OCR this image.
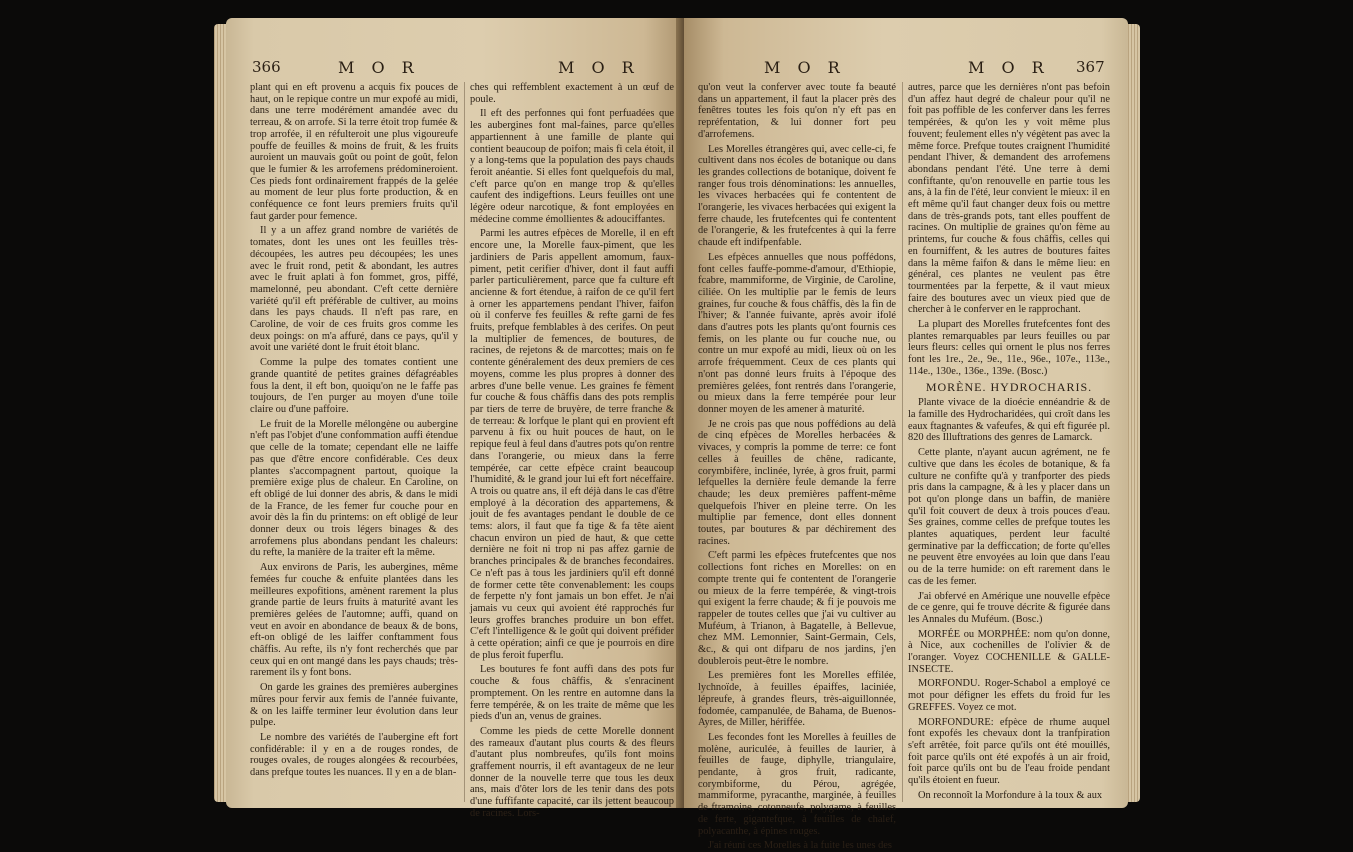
366	M O R	M O R

plant qui en eft provenu a acquis fix pouces de haut, on le repique contre un mur expofé au midi, dans une terre modérément amandée avec du terreau, & on arrofe. Si la terre étoit trop fumée & trop arrofée, il en réfulteroit une plus vigoureufe pouffe de feuilles & moins de fruit, & les fruits auroient un mauvais goût ou point de goût, felon que le fumier & les arrofemens prédomineroient. Ces pieds font ordinairement frappés de la gelée au moment de leur plus forte production, & en conféquence ce font leurs premiers fruits qu'il faut garder pour femence.

Il y a un affez grand nombre de variétés de tomates, dont les unes ont les feuilles très-découpées, les autres peu découpées; les unes avec le fruit rond, petit & abondant, les autres avec le fruit aplati à fon fommet, gros, piffé, mamelonné, peu abondant. C'eft cette dernière variété qu'il eft préférable de cultiver, au moins dans les pays chauds. Il n'eft pas rare, en Caroline, de voir de ces fruits gros comme les deux poings: on m'a affuré, dans ce pays, qu'il y avoit une variété dont le fruit étoit blanc.

Comme la pulpe des tomates contient une grande quantité de petites graines défagréables fous la dent, il eft bon, quoiqu'on ne le faffe pas toujours, de l'en purger au moyen d'une toile claire ou d'une paffoire.

Le fruit de la Morelle mélongène ou aubergine n'eft pas l'objet d'une confommation auffi étendue que celle de la tomate; cependant elle ne laiffe pas que d'être encore confidérable. Ces deux plantes s'accompagnent partout, quoique la première exige plus de chaleur. En Caroline, on eft obligé de lui donner des abris, & dans le midi de la France, de les femer fur couche pour en avoir dès la fin du printems: on eft obligé de leur donner deux ou trois légers binages & des arrofemens plus abondans pendant les chaleurs: du refte, la manière de la traiter eft la même.

Aux environs de Paris, les aubergines, même femées fur couche & enfuite plantées dans les meilleures expofitions, amènent rarement la plus grande partie de leurs fruits à maturité avant les premières gelées de l'automne; auffi, quand on veut en avoir en abondance de beaux & de bons, eft-on obligé de les laiffer conftamment fous châffis. Au refte, ils n'y font recherchés que par ceux qui en ont mangé dans les pays chauds; très-rarement ils y font bons.

On garde les graines des premières aubergines mûres pour fervir aux femis de l'année fuivante, & on les laiffe terminer leur évolution dans leur pulpe.

Le nombre des variétés de l'aubergine eft fort confidérable: il y en a de rouges rondes, de rouges ovales, de rouges alongées & recourbées, dans prefque toutes les nuances. Il y en a de blan-

ches qui reffemblent exactement à un œuf de poule.

Il eft des perfonnes qui font perfuadées que les aubergines font mal-faines, parce qu'elles appartiennent à une famille de plante qui contient beaucoup de poifon; mais fi cela étoit, il y a long-tems que la population des pays chauds feroit anéantie. Si elles font quelquefois du mal, c'eft parce qu'on en mange trop & qu'elles caufent des indigeftions. Leurs feuilles ont une légère odeur narcotique, & font employées en médecine comme émollientes & adouciffantes.

Parmi les autres efpèces de Morelle, il en eft encore une, la Morelle faux-piment, que les jardiniers de Paris appellent amomum, faux-piment, petit cerifier d'hiver, dont il faut auffi parler particulièrement, parce que fa culture eft ancienne & fort étendue, à raifon de ce qu'il fert à orner les appartemens pendant l'hiver, faifon où il conferve fes feuilles & refte garni de fes fruits, prefque femblables à des cerifes. On peut la multiplier de femences, de boutures, de racines, de rejetons & de marcottes; mais on fe contente généralement des deux premiers de ces moyens, comme les plus propres à donner des arbres d'une belle venue. Les graines fe fèment fur couche & fous châffis dans des pots remplis par tiers de terre de bruyère, de terre franche & de terreau: & lorfque le plant qui en provient eft parvenu à fix ou huit pouces de haut, on le repique feul à feul dans d'autres pots qu'on rentre dans l'orangerie, ou mieux dans la ferre tempérée, car cette efpèce craint beaucoup l'humidité, & le grand jour lui eft fort néceffaire. A trois ou quatre ans, il eft déjà dans le cas d'être employé à la décoration des appartemens, & jouit de fes avantages pendant le double de ce tems: alors, il faut que fa tige & fa tête aient chacun environ un pied de haut, & que cette dernière ne foit ni trop ni pas affez garnie de branches principales & de branches fecondaires. Ce n'eft pas à tous les jardiniers qu'il eft donné de former cette tête convenablement: les coups de ferpette n'y font jamais un bon effet. Je n'ai jamais vu ceux qui avoient été rapprochés fur leurs groffes branches produire un bon effet. C'eft l'intelligence & le goût qui doivent préfider à cette opération; ainfi ce que je pourrois en dire de plus feroit fuperflu.

Les boutures fe font auffi dans des pots fur couche & fous châffis, & s'enracinent promptement. On les rentre en automne dans la ferre tempérée, & on les traite de même que les pieds d'un an, venus de graines.

Comme les pieds de cette Morelle donnent des rameaux d'autant plus courts & des fleurs d'autant plus nombreufes, qu'ils font moins graffement nourris, il eft avantageux de ne leur donner de la nouvelle terre que tous les deux ans, mais d'ôter lors de les tenir dans des pots d'une fuffifante capacité, car ils jettent beaucoup de racines. Lors-

M O R	M O R 367

qu'on veut la conferver avec toute fa beauté dans un appartement, il faut la placer près des fenêtres toutes les fois qu'on n'y eft pas en repréfentation, & lui donner fort peu d'arrofemens.

Les Morelles étrangères qui, avec celle-ci, fe cultivent dans nos écoles de botanique ou dans les grandes collections de botanique, doivent fe ranger fous trois dénominations: les annuelles, les vivaces herbacées qui fe contentent de l'orangerie, les vivaces herbacées qui exigent la ferre chaude, les frutefcentes qui fe contentent de l'orangerie, & les frutefcentes à qui la ferre chaude eft indifpenfable.

Les efpèces annuelles que nous poffédons, font celles fauffe-pomme-d'amour, d'Ethiopie, fcabre, mammiforme, de Virginie, de Caroline, ciliée. On les multiplie par le femis de leurs graines, fur couche & fous châffis, dès la fin de l'hiver; & l'année fuivante, après avoir ifolé dans d'autres pots les plants qu'ont fournis ces femis, on les plante ou fur couche nue, ou contre un mur expofé au midi, lieux où on les arrofe fréquemment. Ceux de ces plants qui n'ont pas donné leurs fruits à l'époque des premières gelées, font rentrés dans l'orangerie, ou mieux dans la ferre tempérée pour leur donner moyen de les amener à maturité.

Je ne crois pas que nous poffédions au delà de cinq efpèces de Morelles herbacées & vivaces, y compris la pomme de terre: ce font celles à feuilles de chêne, radicante, corymbifère, inclinée, lyrée, à gros fruit, parmi lefquelles la dernière feule demande la ferre chaude; les deux premières paffent-même quelquefois l'hiver en pleine terre. On les multiplie par femence, dont elles donnent toutes, par boutures & par déchirement des racines.

C'eft parmi les efpèces frutefcentes que nos collections font riches en Morelles: on en compte trente qui fe contentent de l'orangerie ou mieux de la ferre tempérée, & vingt-trois qui exigent la ferre chaude; & fi je pouvois me rappeler de toutes celles que j'ai vu cultiver au Muféum, à Trianon, à Bagatelle, à Bellevue, chez MM. Lemonnier, Saint-Germain, Cels, &c., & qui ont difparu de nos jardins, j'en doublerois peut-être le nombre.

Les premières font les Morelles effilée, lychnoïde, à feuilles épaiffes, laciniée, lépreufe, à grandes fleurs, très-aiguillonnée, fodomée, campanulée, de Bahama, de Buenos-Ayres, de Miller, hériffée.

Les fecondes font les Morelles à feuilles de molène, auriculée, à feuilles de laurier, à feuilles de fauge, diphylle, triangulaire, pendante, à gros fruit, radicante, corymbiforme, du Pérou, agrégée, mammiforme, pyracanthe, marginée, à feuilles de ftramoine, cotonneufe, polygame, à feuilles de ferte, gigantefque, à feuilles de chalef, polyacanthe, à épines rouges.

J'ai réuni ces Morelles à la fuite les unes des

autres, parce que les dernières n'ont pas befoin d'un affez haut degré de chaleur pour qu'il ne foit pas poffible de les conferver dans les ferres tempérées, & qu'on les y voit même plus fouvent; feulement elles n'y végètent pas avec la même force. Prefque toutes craignent l'humidité pendant l'hiver, & demandent des arrofemens abondans pendant l'été. Une terre à demi confiftante, qu'on renouvelle en partie tous les ans, à la fin de l'été, leur convient le mieux: il en eft même qu'il faut changer deux fois ou mettre dans de très-grands pots, tant elles pouffent de racines. On multiplie de graines qu'on fème au printems, fur couche & fous châffis, celles qui en fourniffent, & les autres de boutures faites dans la même faifon & dans le même lieu: en général, ces plantes ne veulent pas être tourmentées par la ferpette, & il vaut mieux faire des boutures avec un vieux pied que de chercher à le conferver en le rapprochant.

La plupart des Morelles frutefcentes font des plantes remarquables par leurs feuilles ou par leurs fleurs: celles qui ornent le plus nos ferres font les 1re., 2e., 9e., 11e., 96e., 107e., 113e., 114e., 130e., 136e., 139e. (Bosc.)

MORÈNE. HYDROCHARIS.

Plante vivace de la dioécie ennéandrie & de la famille des Hydrocharidées, qui croît dans les eaux ftagnantes & vafeufes, & qui eft figurée pl. 820 des Illuftrations des genres de Lamarck.

Cette plante, n'ayant aucun agrément, ne fe cultive que dans les écoles de botanique, & fa culture ne confifte qu'à y tranfporter des pieds pris dans la campagne, & à les y placer dans un pot qu'on plonge dans un baffin, de manière qu'il foit couvert de deux à trois pouces d'eau. Ses graines, comme celles de prefque toutes les plantes aquatiques, perdent leur faculté germinative par la defficcation; de forte qu'elles ne peuvent être envoyées au loin que dans l'eau ou de la terre humide: on eft rarement dans le cas de les femer.

J'ai obfervé en Amérique une nouvelle efpèce de ce genre, qui fe trouve décrite & figurée dans les Annales du Muféum. (Bosc.)

MORFÉE ou MORPHÉE: nom qu'on donne, à Nice, aux cochenilles de l'olivier & de l'oranger. Voyez COCHENILLE & GALLE-INSECTE.

MORFONDU. Roger-Schabol a employé ce mot pour défigner les effets du froid fur les GREFFES. Voyez ce mot.

MORFONDURE: efpèce de rhume auquel font expofés les chevaux dont la tranfpiration s'eft arrêtée, foit parce qu'ils ont été mouillés, foit parce qu'ils ont été expofés à un air froid, foit parce qu'ils ont bu de l'eau froide pendant qu'ils étoient en fueur.

On reconnoît la Morfondure à la toux & aux
